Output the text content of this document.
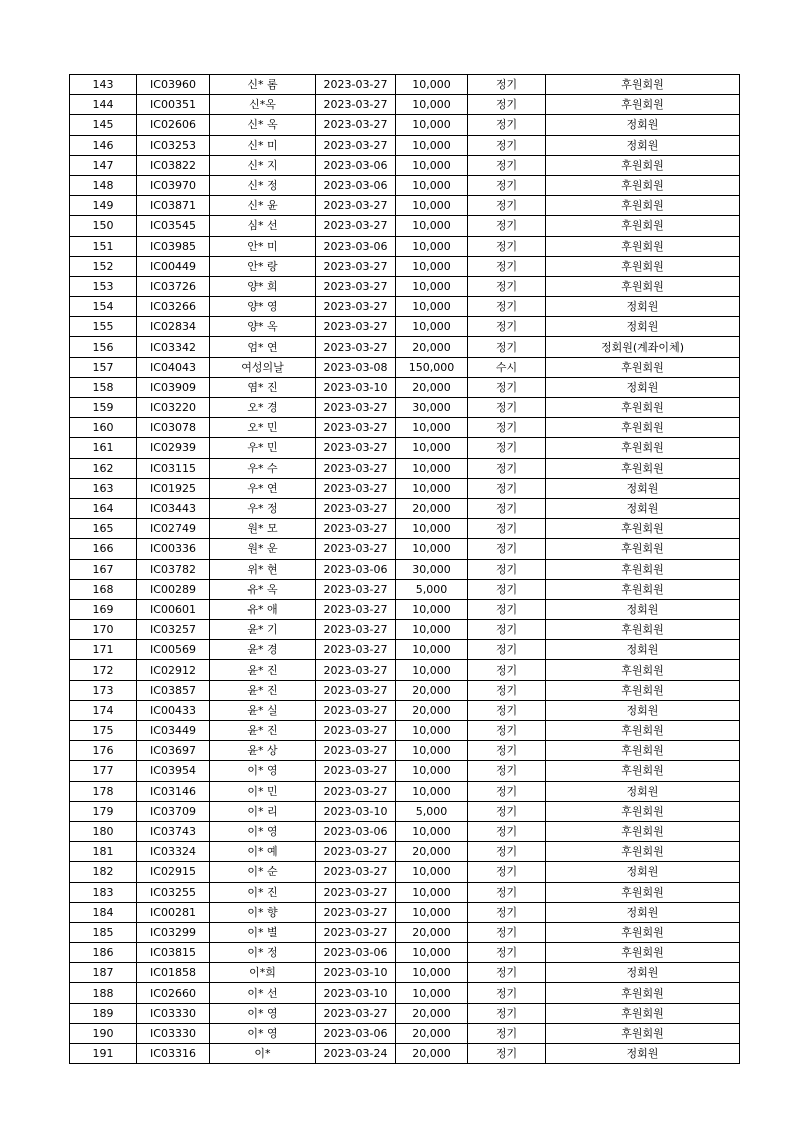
143	IC03960	신* 롬	2023-03-27	10,000	정기	후원회원
144	IC00351	신*옥	2023-03-27	10,000	정기	후원회원
145	IC02606	신* 옥	2023-03-27	10,000	정기	정회원
146	IC03253	신* 미	2023-03-27	10,000	정기	정회원
147	IC03822	신* 지	2023-03-06	10,000	정기	후원회원
148	IC03970	신* 정	2023-03-06	10,000	정기	후원회원
149	IC03871	신* 윤	2023-03-27	10,000	정기	후원회원
150	IC03545	심* 선	2023-03-27	10,000	정기	후원회원
151	IC03985	안* 미	2023-03-06	10,000	정기	후원회원
152	IC00449	안* 랑	2023-03-27	10,000	정기	후원회원
153	IC03726	양* 희	2023-03-27	10,000	정기	후원회원
154	IC03266	양* 영	2023-03-27	10,000	정기	정회원
155	IC02834	양* 옥	2023-03-27	10,000	정기	정회원
156	IC03342	엄* 연	2023-03-27	20,000	정기	정회원(계좌이체)
157	IC04043	여성의날	2023-03-08	150,000	수시	후원회원
158	IC03909	염* 진	2023-03-10	20,000	정기	정회원
159	IC03220	오* 경	2023-03-27	30,000	정기	후원회원
160	IC03078	오* 민	2023-03-27	10,000	정기	후원회원
161	IC02939	우* 민	2023-03-27	10,000	정기	후원회원
162	IC03115	우* 수	2023-03-27	10,000	정기	후원회원
163	IC01925	우* 연	2023-03-27	10,000	정기	정회원
164	IC03443	우* 정	2023-03-27	20,000	정기	정회원
165	IC02749	원* 모	2023-03-27	10,000	정기	후원회원
166	IC00336	원* 운	2023-03-27	10,000	정기	후원회원
167	IC03782	위* 현	2023-03-06	30,000	정기	후원회원
168	IC00289	유* 옥	2023-03-27	5,000	정기	후원회원
169	IC00601	유* 애	2023-03-27	10,000	정기	정회원
170	IC03257	윤* 기	2023-03-27	10,000	정기	후원회원
171	IC00569	윤* 경	2023-03-27	10,000	정기	정회원
172	IC02912	윤* 진	2023-03-27	10,000	정기	후원회원
173	IC03857	윤* 진	2023-03-27	20,000	정기	후원회원
174	IC00433	윤* 실	2023-03-27	20,000	정기	정회원
175	IC03449	윤* 진	2023-03-27	10,000	정기	후원회원
176	IC03697	윤* 상	2023-03-27	10,000	정기	후원회원
177	IC03954	이* 영	2023-03-27	10,000	정기	후원회원
178	IC03146	이* 민	2023-03-27	10,000	정기	정회원
179	IC03709	이* 리	2023-03-10	5,000	정기	후원회원
180	IC03743	이* 영	2023-03-06	10,000	정기	후원회원
181	IC03324	이* 예	2023-03-27	20,000	정기	후원회원
182	IC02915	이* 순	2023-03-27	10,000	정기	정회원
183	IC03255	이* 진	2023-03-27	10,000	정기	후원회원
184	IC00281	이* 향	2023-03-27	10,000	정기	정회원
185	IC03299	이* 별	2023-03-27	20,000	정기	후원회원
186	IC03815	이* 정	2023-03-06	10,000	정기	후원회원
187	IC01858	이*희	2023-03-10	10,000	정기	정회원
188	IC02660	이* 선	2023-03-10	10,000	정기	후원회원
189	IC03330	이* 영	2023-03-27	20,000	정기	후원회원
190	IC03330	이* 영	2023-03-06	20,000	정기	후원회원
191	IC03316	이*	2023-03-24	20,000	정기	정회원
